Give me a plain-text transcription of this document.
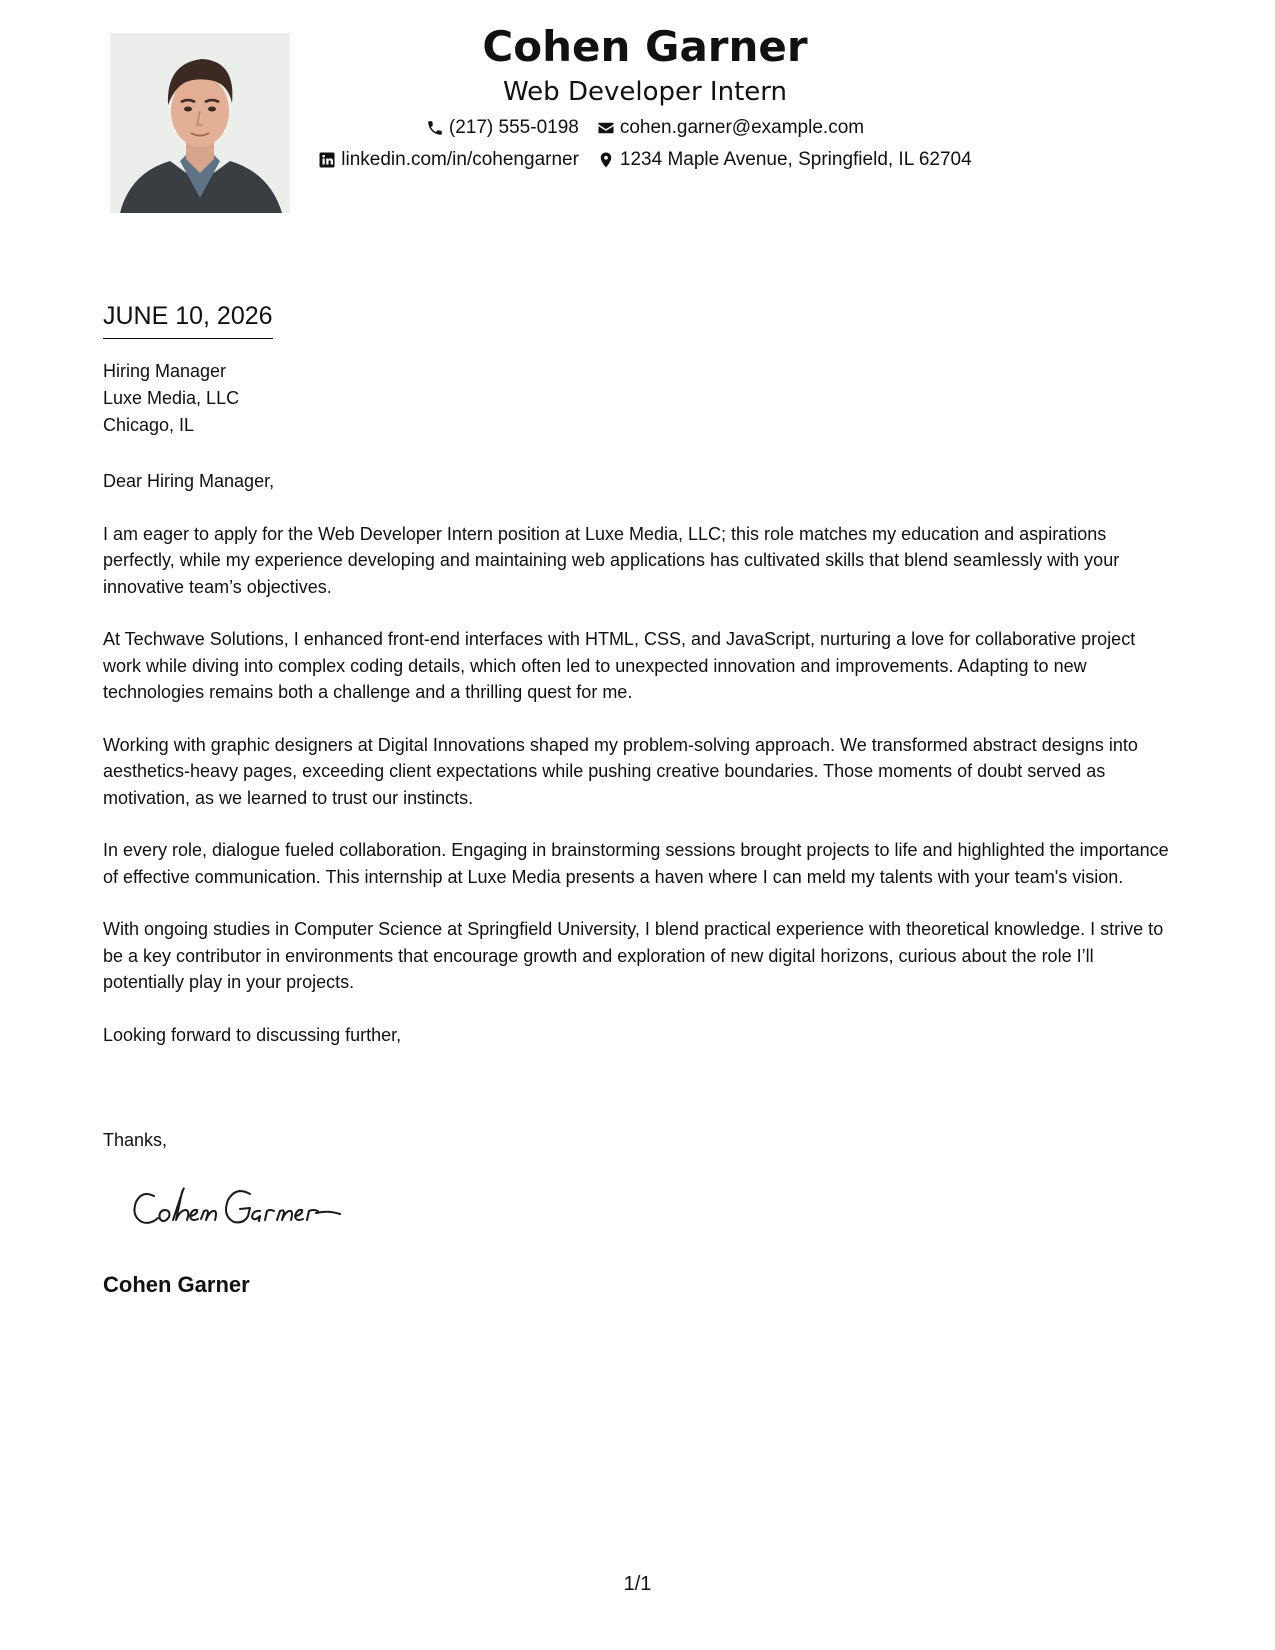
Cohen Garner
Web Developer Intern
(217) 555-0198 cohen.garner@example.com
linkedin.com/in/cohengarner 1234 Maple Avenue, Springfield, IL 62704
JUNE 10, 2026
Hiring Manager
Luxe Media, LLC
Chicago, IL

Dear Hiring Manager,

I am eager to apply for the Web Developer Intern position at Luxe Media, LLC; this role matches my education and aspirations perfectly, while my experience developing and maintaining web applications has cultivated skills that blend seamlessly with your innovative team’s objectives.

At Techwave Solutions, I enhanced front-end interfaces with HTML, CSS, and JavaScript, nurturing a love for collaborative project work while diving into complex coding details, which often led to unexpected innovation and improvements. Adapting to new technologies remains both a challenge and a thrilling quest for me.

Working with graphic designers at Digital Innovations shaped my problem-solving approach. We transformed abstract designs into aesthetics-heavy pages, exceeding client expectations while pushing creative boundaries. Those moments of doubt served as motivation, as we learned to trust our instincts.

In every role, dialogue fueled collaboration. Engaging in brainstorming sessions brought projects to life and highlighted the importance of effective communication. This internship at Luxe Media presents a haven where I can meld my talents with your team's vision.

With ongoing studies in Computer Science at Springfield University, I blend practical experience with theoretical knowledge. I strive to be a key contributor in environments that encourage growth and exploration of new digital horizons, curious about the role I’ll potentially play in your projects.

Looking forward to discussing further,

Thanks,
Cohen Garner
1/1
